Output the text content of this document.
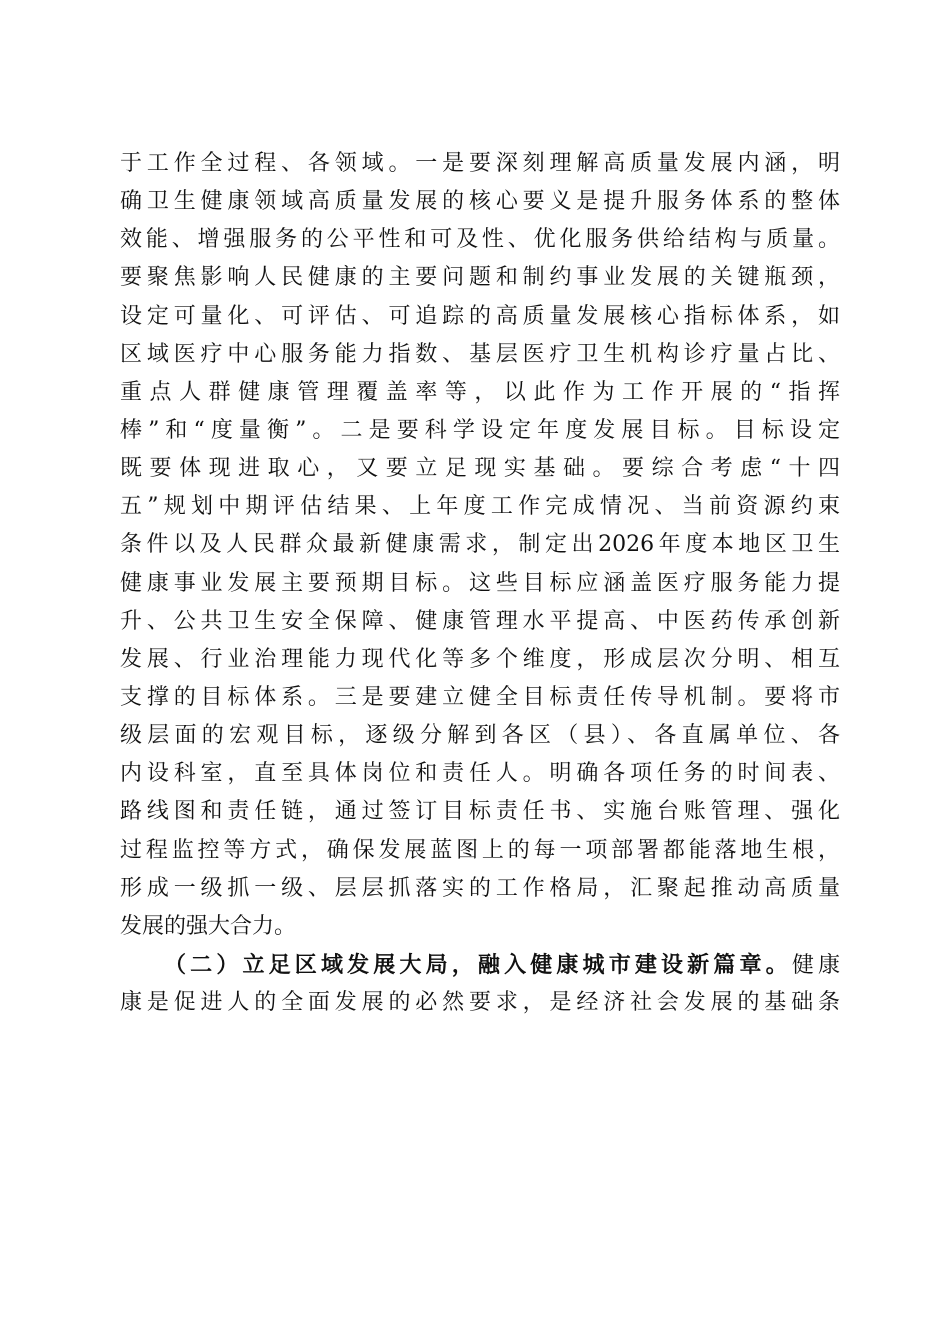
于工作全过程、各领域。一是要深刻理解高质量发展内涵，明
确卫生健康领域高质量发展的核心要义是提升服务体系的整体
效能、增强服务的公平性和可及性、优化服务供给结构与质量。
要聚焦影响人民健康的主要问题和制约事业发展的关键瓶颈，
设定可量化、可评估、可追踪的高质量发展核心指标体系，如
区域医疗中心服务能力指数、基层医疗卫生机构诊疗量占比、
重点人群健康管理覆盖率等，以此作为工作开展的“指挥
棒”和“度量衡”。二是要科学设定年度发展目标。目标设定
既要体现进取心，又要立足现实基础。要综合考虑“十四
五”规划中期评估结果、上年度工作完成情况、当前资源约束
条件以及人民群众最新健康需求，制定出2026年度本地区卫生
健康事业发展主要预期目标。这些目标应涵盖医疗服务能力提
升、公共卫生安全保障、健康管理水平提高、中医药传承创新
发展、行业治理能力现代化等多个维度，形成层次分明、相互
支撑的目标体系。三是要建立健全目标责任传导机制。要将市
级层面的宏观目标，逐级分解到各区（县）、各直属单位、各
内设科室，直至具体岗位和责任人。明确各项任务的时间表、
路线图和责任链，通过签订目标责任书、实施台账管理、强化
过程监控等方式，确保发展蓝图上的每一项部署都能落地生根，
形成一级抓一级、层层抓落实的工作格局，汇聚起推动高质量
发展的强大合力。
（二）立足区域发展大局，融入健康城市建设新篇章。健康
康是促进人的全面发展的必然要求，是经济社会发展的基础条
